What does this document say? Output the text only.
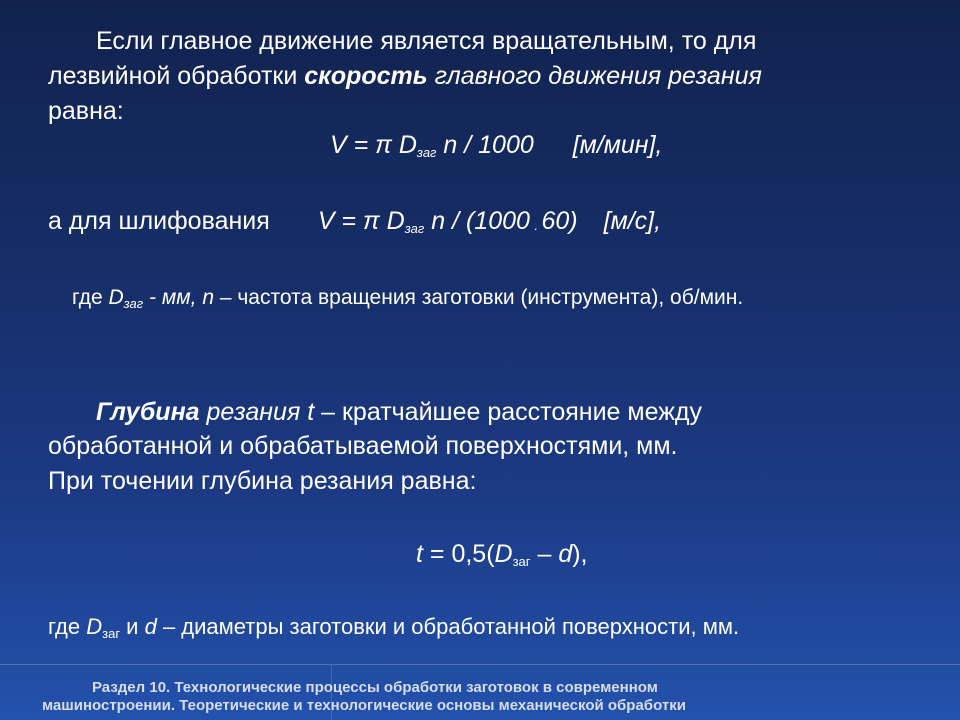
Если главное движение является вращательным, то для
лезвийной обработки скорость главного движения резания
равна:
V = π $D_{заг}$ n / 1000 [м/мин],
а для шлифования V = π $D_{заг}$ n / (1000 $_\cdot$ 60) [м/с],
где $D_{заг}$ - мм, n – частота вращения заготовки (инструмента), об/мин.
Глубина резания t – кратчайшее расстояние между
обработанной и обрабатываемой поверхностями, мм.
При точении глубина резания равна:
$t = 0,5(D_{заг} - d)$,
где $D_{заг}$ и d – диаметры заготовки и обработанной поверхности, мм.
Раздел 10. Технологические процессы обработки заготовок в современном
машиностроении. Теоретические и технологические основы механической обработки
